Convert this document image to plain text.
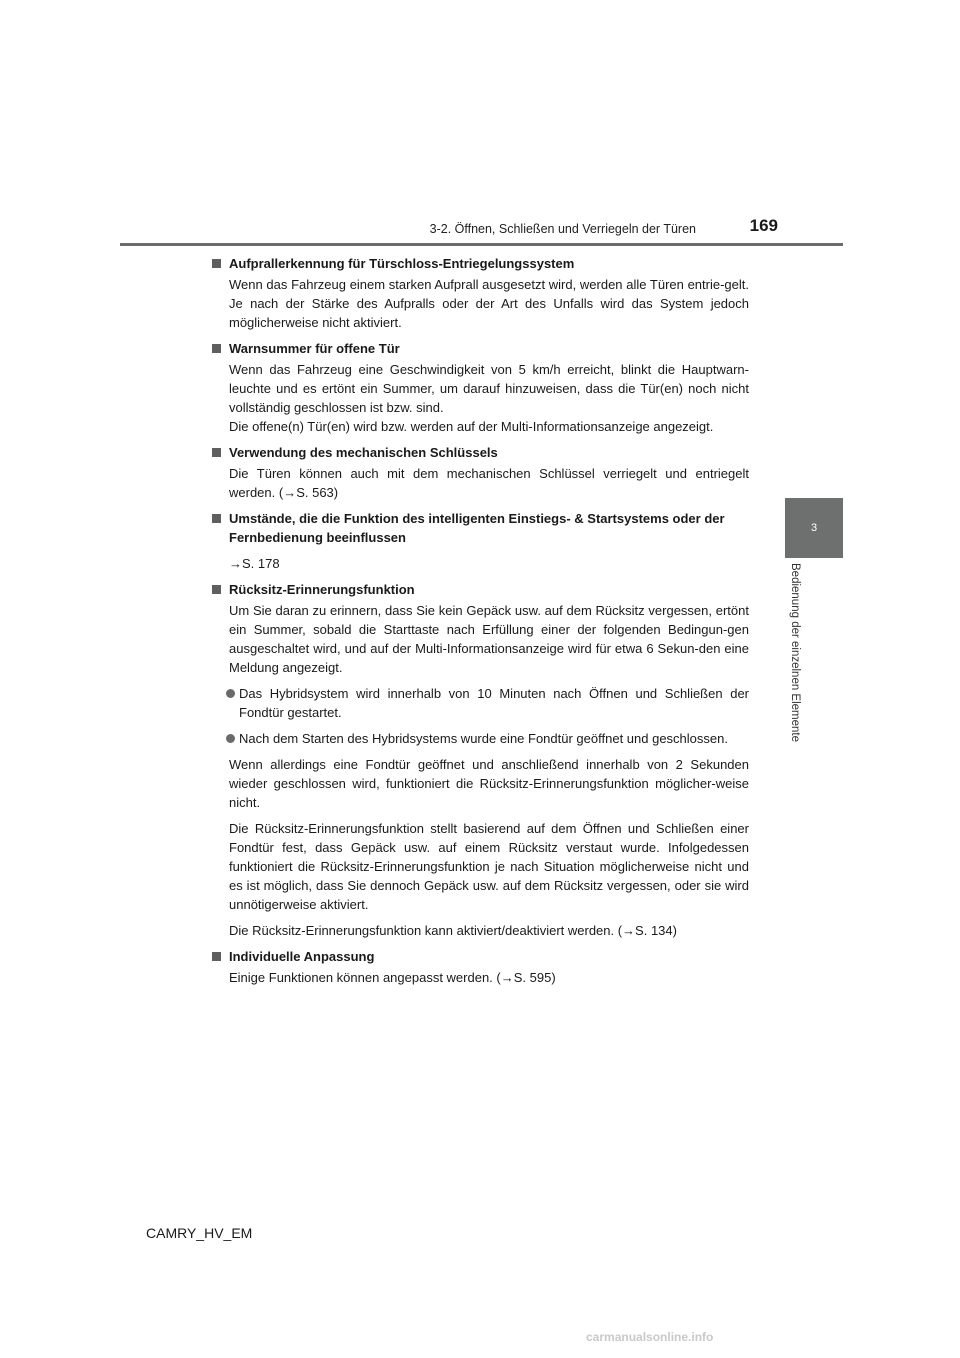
3-2. Öffnen, Schließen und Verriegeln der Türen	169
3
Bedienung der einzelnen Elemente
Aufprallerkennung für Türschloss-Entriegelungssystem
Wenn das Fahrzeug einem starken Aufprall ausgesetzt wird, werden alle Türen entrie-gelt. Je nach der Stärke des Aufpralls oder der Art des Unfalls wird das System jedoch möglicherweise nicht aktiviert.
Warnsummer für offene Tür
Wenn das Fahrzeug eine Geschwindigkeit von 5 km/h erreicht, blinkt die Hauptwarn-leuchte und es ertönt ein Summer, um darauf hinzuweisen, dass die Tür(en) noch nicht vollständig geschlossen ist bzw. sind.
Die offene(n) Tür(en) wird bzw. werden auf der Multi-Informationsanzeige angezeigt.
Verwendung des mechanischen Schlüssels
Die Türen können auch mit dem mechanischen Schlüssel verriegelt und entriegelt werden. (→S. 563)
Umstände, die die Funktion des intelligenten Einstiegs- & Startsystems oder der Fernbedienung beeinflussen
→S. 178
Rücksitz-Erinnerungsfunktion
Um Sie daran zu erinnern, dass Sie kein Gepäck usw. auf dem Rücksitz vergessen, ertönt ein Summer, sobald die Starttaste nach Erfüllung einer der folgenden Bedingun-gen ausgeschaltet wird, und auf der Multi-Informationsanzeige wird für etwa 6 Sekun-den eine Meldung angezeigt.
Das Hybridsystem wird innerhalb von 10 Minuten nach Öffnen und Schließen der Fondtür gestartet.
Nach dem Starten des Hybridsystems wurde eine Fondtür geöffnet und geschlossen.
Wenn allerdings eine Fondtür geöffnet und anschließend innerhalb von 2 Sekunden wieder geschlossen wird, funktioniert die Rücksitz-Erinnerungsfunktion möglicher-weise nicht.
Die Rücksitz-Erinnerungsfunktion stellt basierend auf dem Öffnen und Schließen einer Fondtür fest, dass Gepäck usw. auf einem Rücksitz verstaut wurde. Infolgedessen funktioniert die Rücksitz-Erinnerungsfunktion je nach Situation möglicherweise nicht und es ist möglich, dass Sie dennoch Gepäck usw. auf dem Rücksitz vergessen, oder sie wird unnötigerweise aktiviert.
Die Rücksitz-Erinnerungsfunktion kann aktiviert/deaktiviert werden. (→S. 134)
Individuelle Anpassung
Einige Funktionen können angepasst werden. (→S. 595)
CAMRY_HV_EM
carmanualsonline.info
